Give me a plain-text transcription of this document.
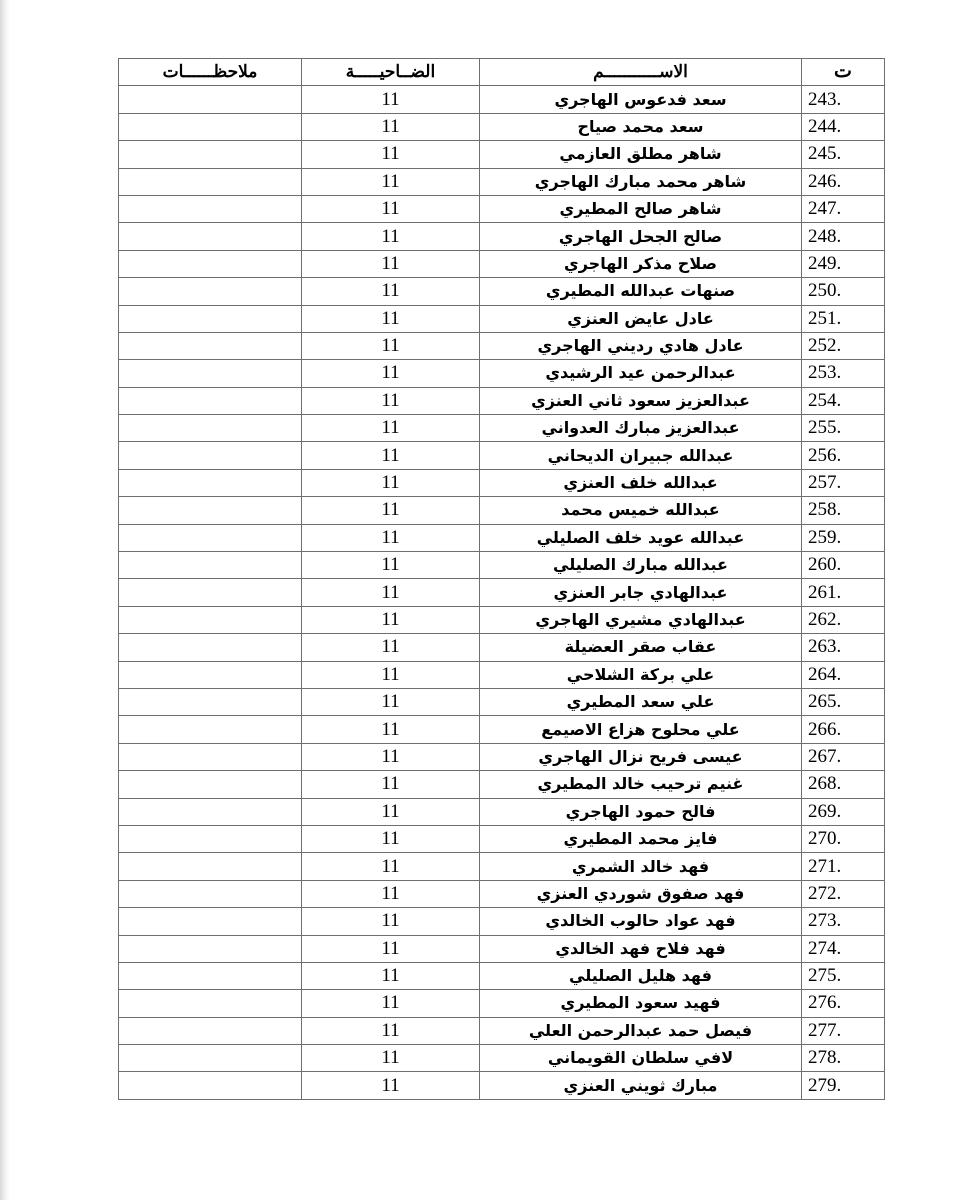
ت	الاســـــــــــم	الضــاحيـــــة	ملاحظــــــات
243.	سعد فدعوس الهاجري	11	
244.	سعد محمد صياح	11	
245.	شاهر مطلق العازمي	11	
246.	شاهر محمد مبارك الهاجري	11	
247.	شاهر صالح المطيري	11	
248.	صالح الجحل الهاجري	11	
249.	صلاح مذكر الهاجري	11	
250.	صنهات عبدالله المطيري	11	
251.	عادل عايض العنزي	11	
252.	عادل هادي رديني الهاجري	11	
253.	عبدالرحمن عيد الرشيدي	11	
254.	عبدالعزيز سعود ثاني العنزي	11	
255.	عبدالعزيز مبارك العدواني	11	
256.	عبدالله جبيران الديحاني	11	
257.	عبدالله خلف العنزي	11	
258.	عبدالله خميس محمد	11	
259.	عبدالله عويد خلف الصليلي	11	
260.	عبدالله مبارك الصليلي	11	
261.	عبدالهادي جابر العنزي	11	
262.	عبدالهادي مشيري الهاجري	11	
263.	عقاب صقر العضيلة	11	
264.	علي بركة الشلاحي	11	
265.	علي سعد المطيري	11	
266.	علي محلوح هزاع الاصيمع	11	
267.	عيسى فريح نزال الهاجري	11	
268.	غنيم ترحيب خالد المطيري	11	
269.	فالح حمود الهاجري	11	
270.	فايز محمد المطيري	11	
271.	فهد خالد الشمري	11	
272.	فهد صفوق شوردي العنزي	11	
273.	فهد عواد حالوب الخالدي	11	
274.	فهد فلاح فهد الخالدي	11	
275.	فهد هليل الصليلي	11	
276.	فهيد سعود المطيري	11	
277.	فيصل حمد عبدالرحمن العلي	11	
278.	لافي سلطان القويماني	11	
279.	مبارك ثويني العنزي	11	
